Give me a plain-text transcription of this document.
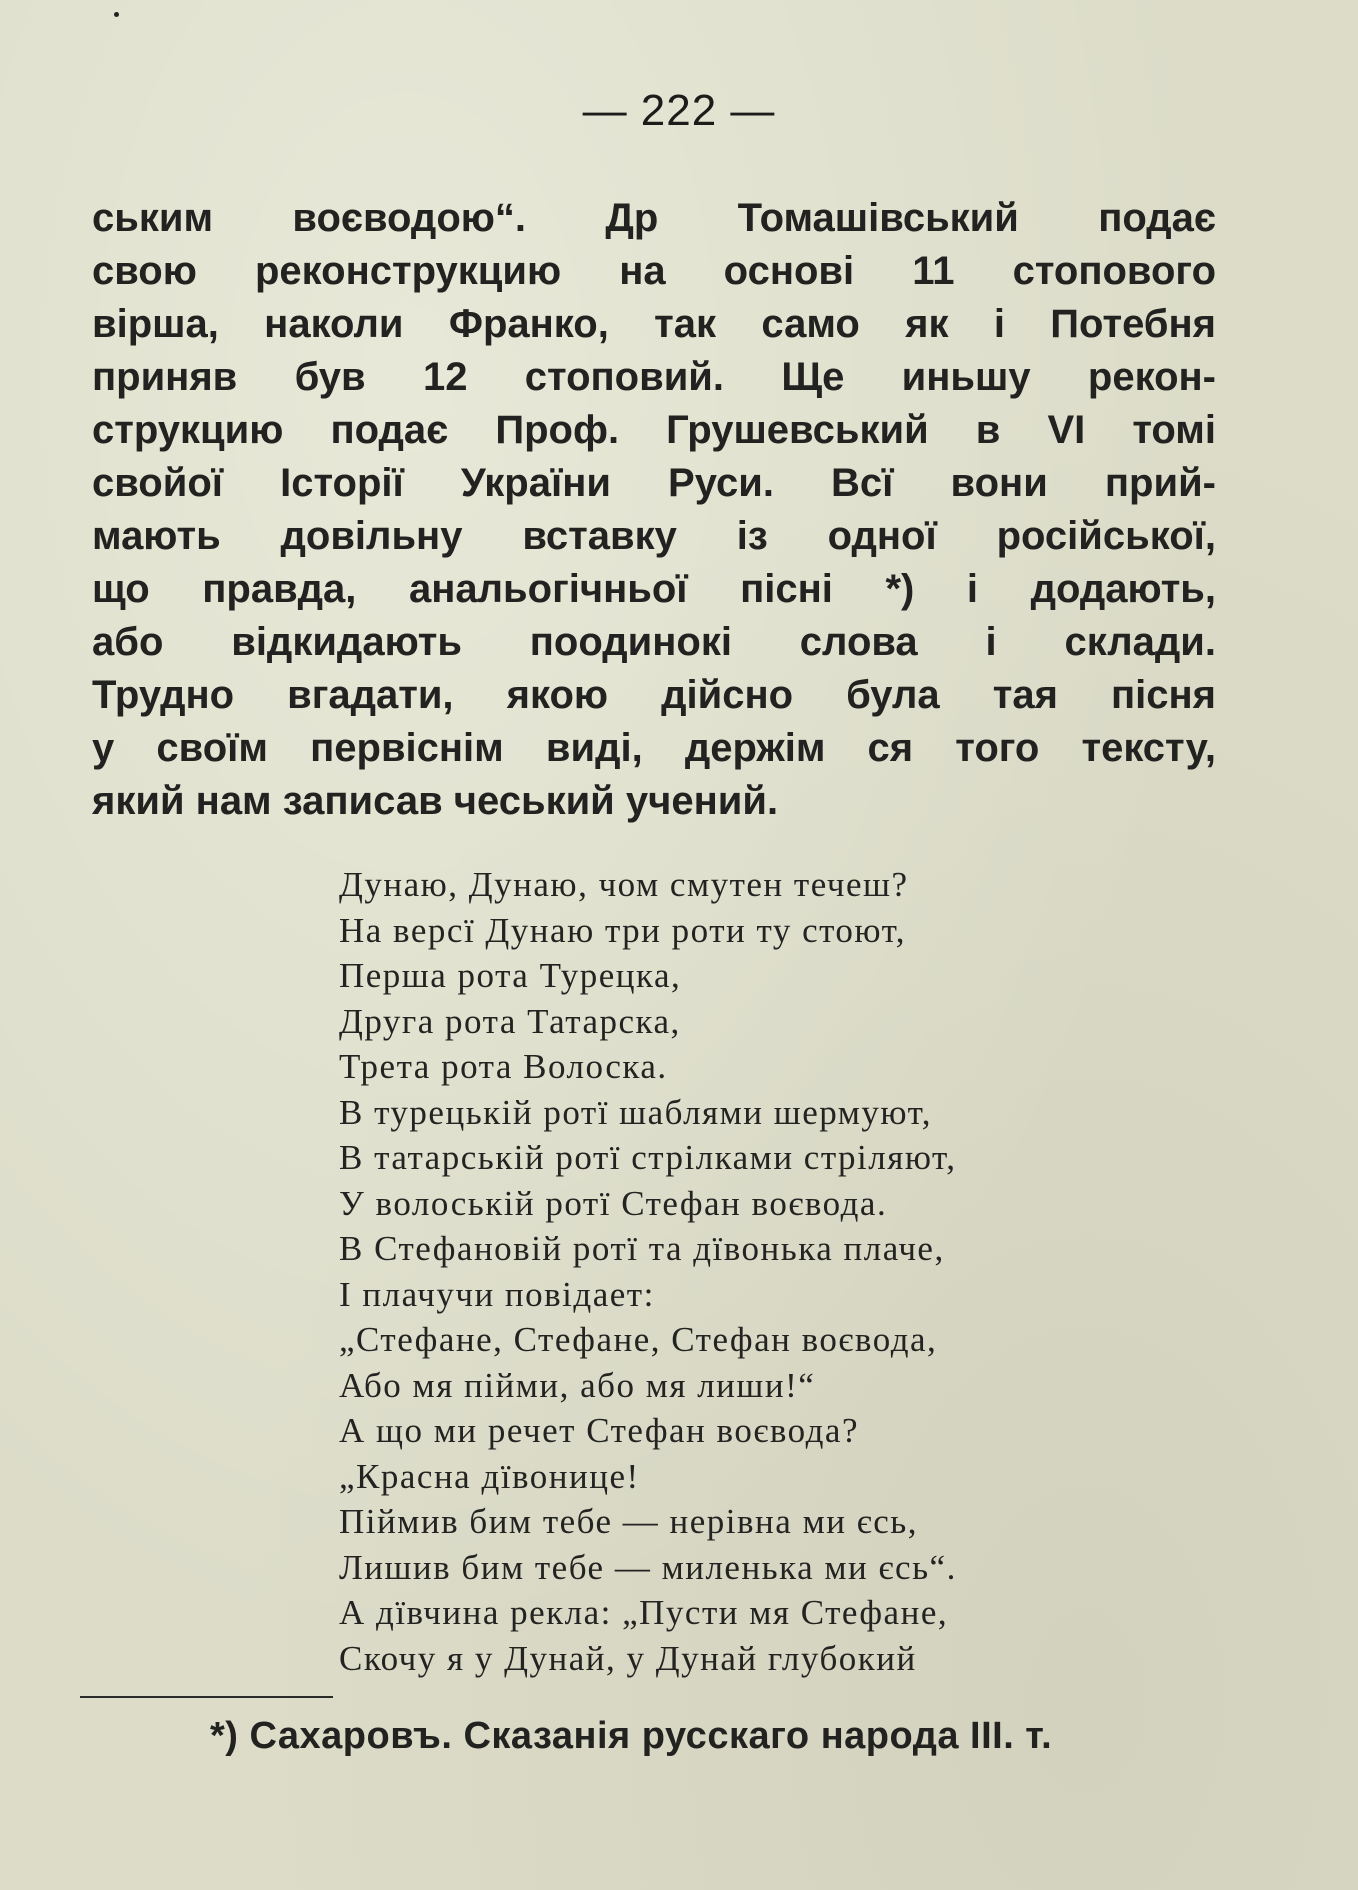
— 222 —
ським воєводою“. Др Томашівський подає
свою реконструкцию на основі 11 стопового
вірша, наколи Франко, так само як і Потебня
приняв був 12 стоповий. Ще иньшу рекон-
струкцию подає Проф. Грушевський в VI томі
свойої Історії України Руси. Всї вони прий-
мають довільну вставку із одної російської,
що правда, анальогічньої пісні *) і додають,
або відкидають поодинокі слова і склади.
Трудно вгадати, якою дійсно була тая пісня
у своїм первіснім виді, держім ся того тексту,
який нам записав чеський учений.
Дунаю, Дунаю, чом смутен течеш?
На версї Дунаю три роти ту стоют,
Перша рота Турецка,
Друга рота Татарска,
Трета рота Волоска.
В турецькій ротї шаблями шермуют,
В татарській ротї стрілками стріляют,
У волоській ротї Стефан воєвода.
В Стефановій ротї та дївонька плаче,
І плачучи повідает:
„Стефане, Стефане, Стефан воєвода,
Або мя пійми, або мя лиши!“
А що ми речет Стефан воєвода?
„Красна дївонице!
Піймив бим тебе — нерівна ми єсь,
Лишив бим тебе — миленька ми єсь“.
А дївчина рекла: „Пусти мя Стефане,
Скочу я у Дунай, у Дунай глубокий
*) Сахаровъ. Сказанія русскаго народа III. т.
